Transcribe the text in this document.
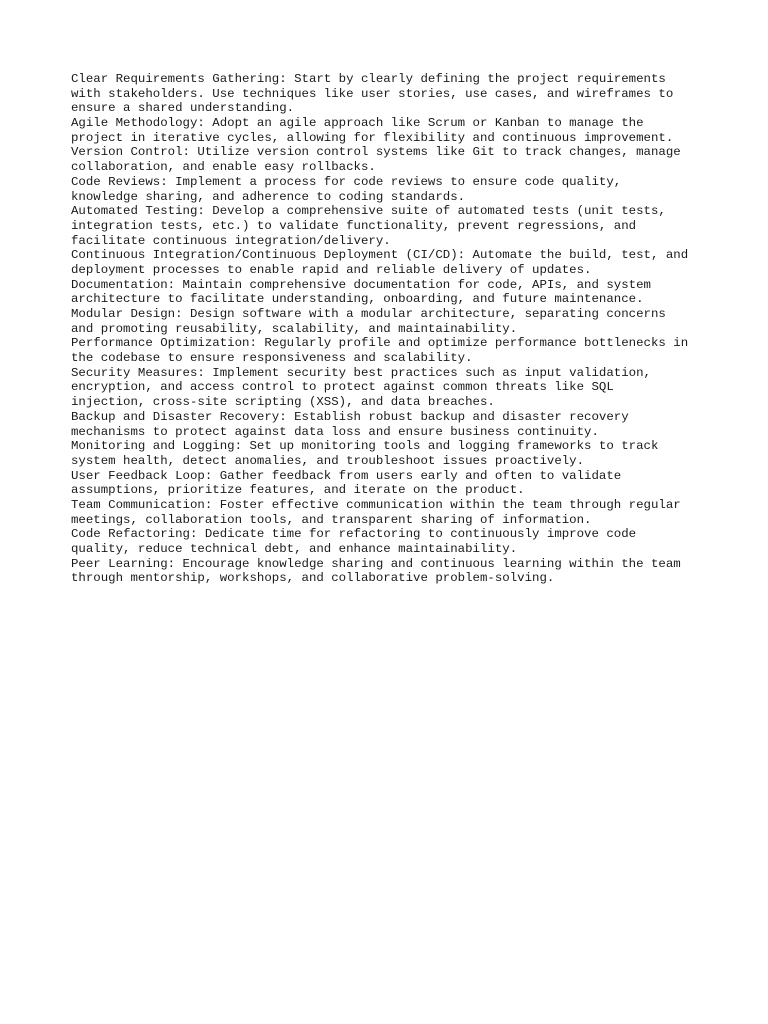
Clear Requirements Gathering: Start by clearly defining the project requirements
with stakeholders. Use techniques like user stories, use cases, and wireframes to
ensure a shared understanding.
Agile Methodology: Adopt an agile approach like Scrum or Kanban to manage the
project in iterative cycles, allowing for flexibility and continuous improvement.
Version Control: Utilize version control systems like Git to track changes, manage
collaboration, and enable easy rollbacks.
Code Reviews: Implement a process for code reviews to ensure code quality,
knowledge sharing, and adherence to coding standards.
Automated Testing: Develop a comprehensive suite of automated tests (unit tests,
integration tests, etc.) to validate functionality, prevent regressions, and
facilitate continuous integration/delivery.
Continuous Integration/Continuous Deployment (CI/CD): Automate the build, test, and
deployment processes to enable rapid and reliable delivery of updates.
Documentation: Maintain comprehensive documentation for code, APIs, and system
architecture to facilitate understanding, onboarding, and future maintenance.
Modular Design: Design software with a modular architecture, separating concerns
and promoting reusability, scalability, and maintainability.
Performance Optimization: Regularly profile and optimize performance bottlenecks in
the codebase to ensure responsiveness and scalability.
Security Measures: Implement security best practices such as input validation,
encryption, and access control to protect against common threats like SQL
injection, cross-site scripting (XSS), and data breaches.
Backup and Disaster Recovery: Establish robust backup and disaster recovery
mechanisms to protect against data loss and ensure business continuity.
Monitoring and Logging: Set up monitoring tools and logging frameworks to track
system health, detect anomalies, and troubleshoot issues proactively.
User Feedback Loop: Gather feedback from users early and often to validate
assumptions, prioritize features, and iterate on the product.
Team Communication: Foster effective communication within the team through regular
meetings, collaboration tools, and transparent sharing of information.
Code Refactoring: Dedicate time for refactoring to continuously improve code
quality, reduce technical debt, and enhance maintainability.
Peer Learning: Encourage knowledge sharing and continuous learning within the team
through mentorship, workshops, and collaborative problem-solving.
